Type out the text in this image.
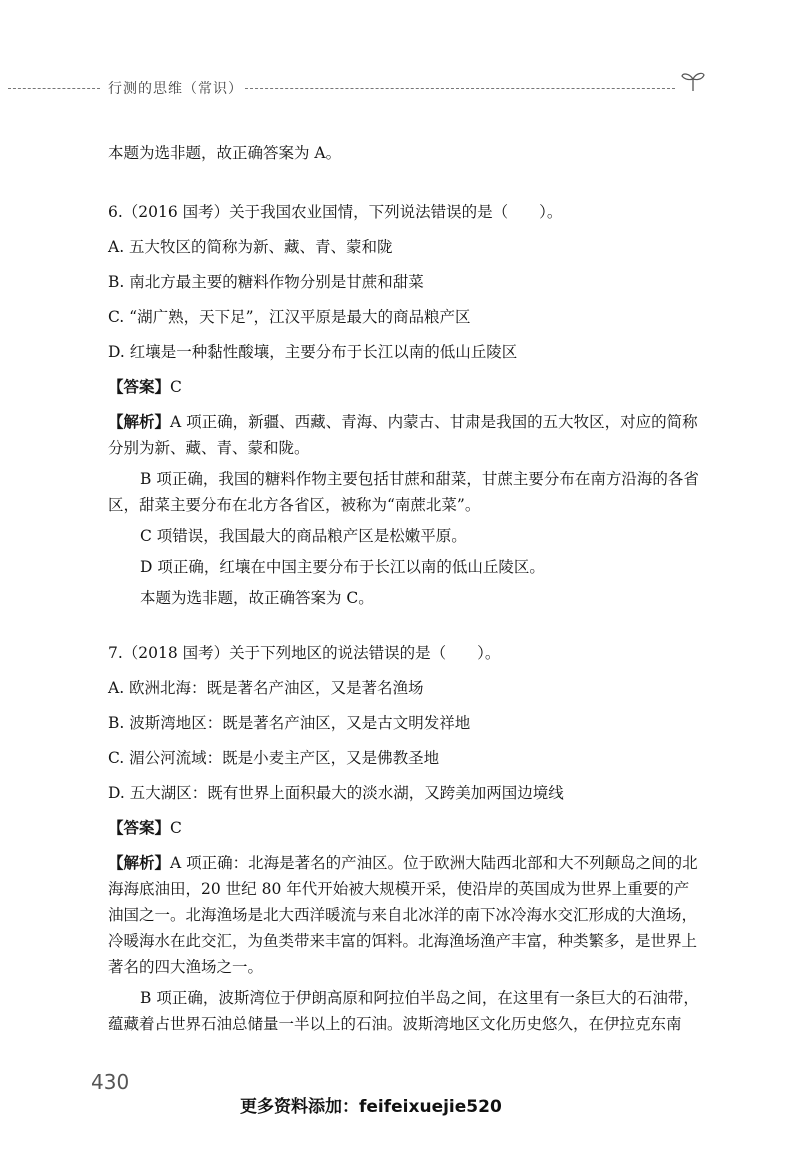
行测的思维（常识）
本题为选非题，故正确答案为 A。
6.（2016 国考）关于我国农业国情，下列说法错误的是（　　）。
A. 五大牧区的简称为新、藏、青、蒙和陇
B. 南北方最主要的糖料作物分别是甘蔗和甜菜
C. “湖广熟，天下足”，江汉平原是最大的商品粮产区
D. 红壤是一种黏性酸壤，主要分布于长江以南的低山丘陵区
【答案】C
【解析】A 项正确，新疆、西藏、青海、内蒙古、甘肃是我国的五大牧区，对应的简称分别为新、藏、青、蒙和陇。
B 项正确，我国的糖料作物主要包括甘蔗和甜菜，甘蔗主要分布在南方沿海的各省区，甜菜主要分布在北方各省区，被称为“南蔗北菜”。
C 项错误，我国最大的商品粮产区是松嫩平原。
D 项正确，红壤在中国主要分布于长江以南的低山丘陵区。
本题为选非题，故正确答案为 C。
7.（2018 国考）关于下列地区的说法错误的是（　　）。
A. 欧洲北海：既是著名产油区，又是著名渔场
B. 波斯湾地区：既是著名产油区，又是古文明发祥地
C. 湄公河流域：既是小麦主产区，又是佛教圣地
D. 五大湖区：既有世界上面积最大的淡水湖，又跨美加两国边境线
【答案】C
【解析】A 项正确：北海是著名的产油区。位于欧洲大陆西北部和大不列颠岛之间的北海海底油田，20 世纪 80 年代开始被大规模开采，使沿岸的英国成为世界上重要的产油国之一。北海渔场是北大西洋暖流与来自北冰洋的南下冰冷海水交汇形成的大渔场，冷暖海水在此交汇，为鱼类带来丰富的饵料。北海渔场渔产丰富，种类繁多，是世界上著名的四大渔场之一。
B 项正确，波斯湾位于伊朗高原和阿拉伯半岛之间，在这里有一条巨大的石油带，蕴藏着占世界石油总储量一半以上的石油。波斯湾地区文化历史悠久，在伊拉克东南
430
更多资料添加：feifeixuejie520
